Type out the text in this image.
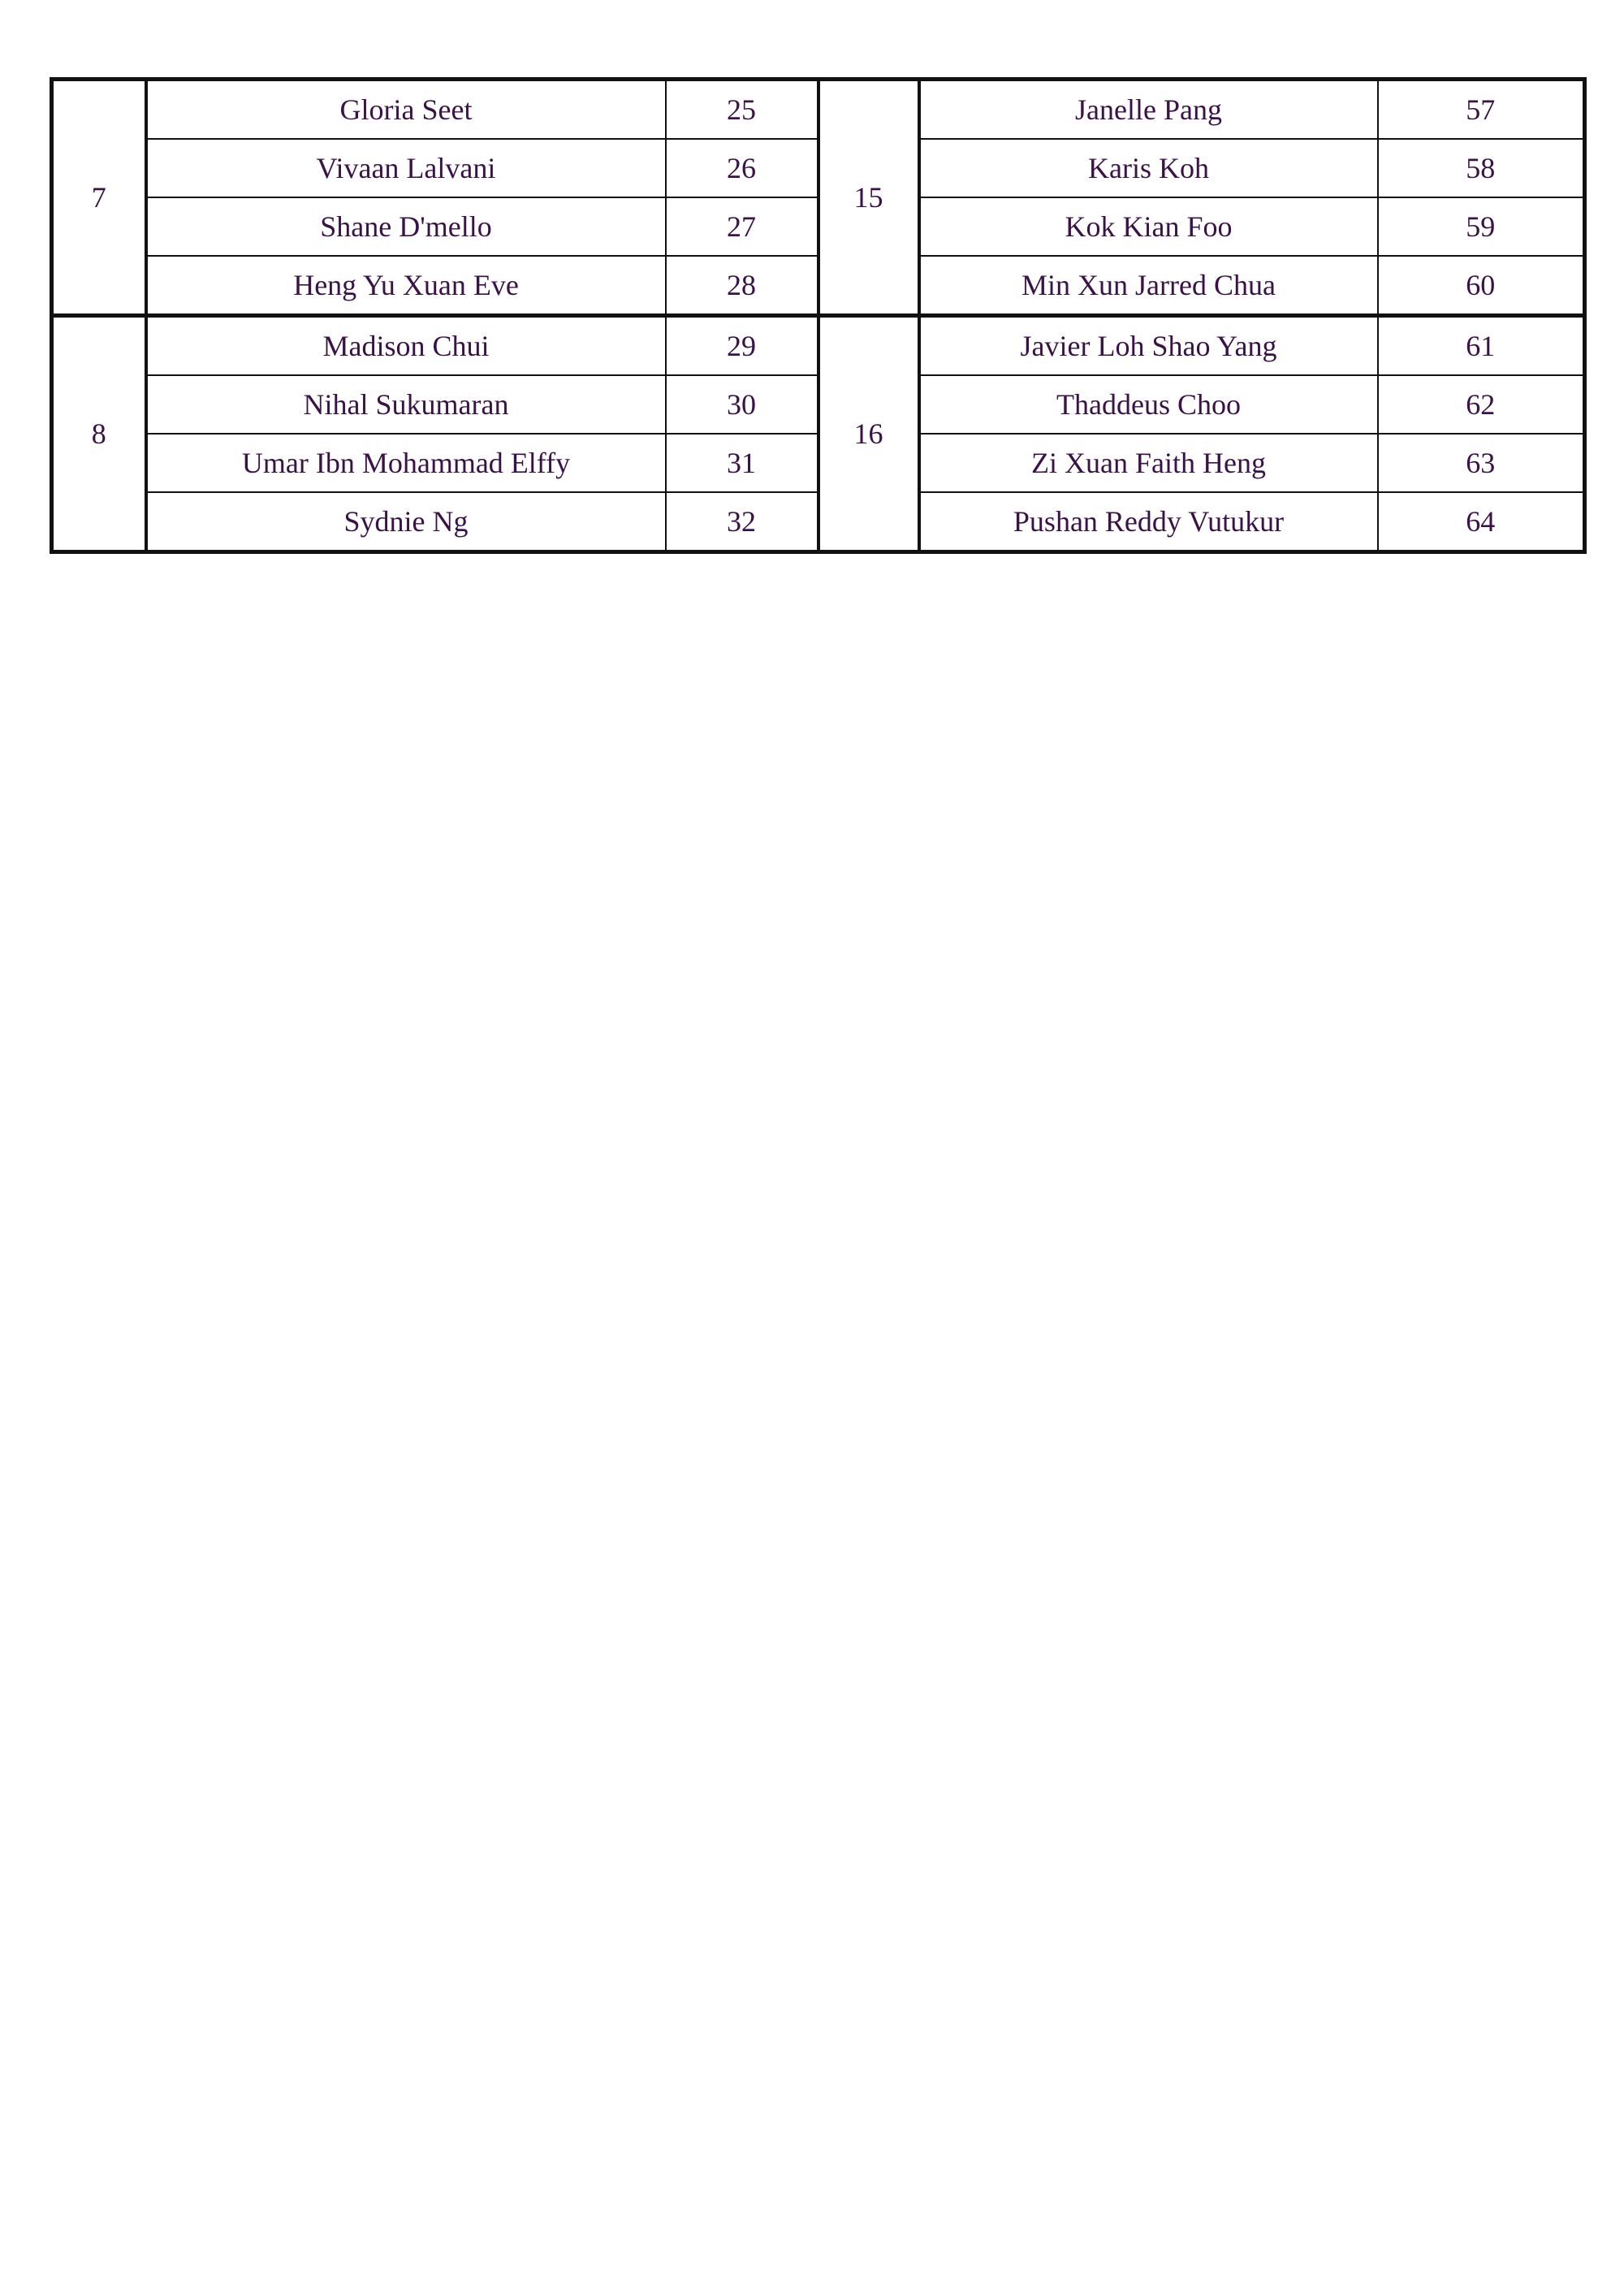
7	Gloria Seet	25	15	Janelle Pang	57
	Vivaan Lalvani	26		Karis Koh	58
	Shane D'mello	27		Kok Kian Foo	59
	Heng Yu Xuan Eve	28		Min Xun Jarred Chua	60
8	Madison Chui	29	16	Javier Loh Shao Yang	61
	Nihal Sukumaran	30		Thaddeus Choo	62
	Umar Ibn Mohammad Elffy	31		Zi Xuan Faith Heng	63
	Sydnie Ng	32		Pushan Reddy Vutukur	64
